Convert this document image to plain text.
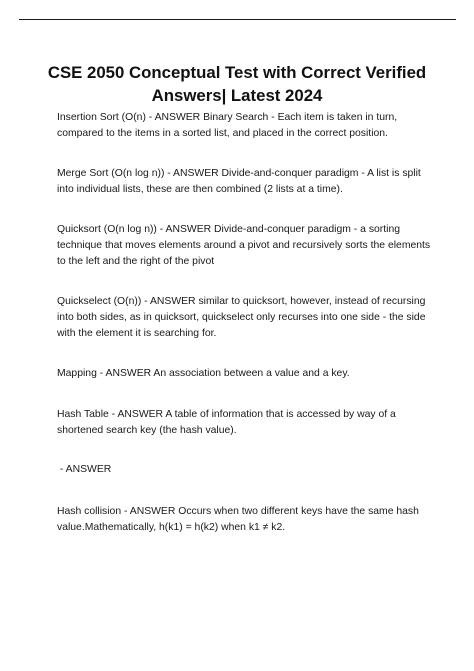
CSE 2050 Conceptual Test with Correct Verified
Answers| Latest 2024

Insertion Sort (O(n) - ANSWER Binary Search - Each item is taken in turn,
compared to the items in a sorted list, and placed in the correct position.

Merge Sort (O(n log n)) - ANSWER Divide-and-conquer paradigm - A list is split
into individual lists, these are then combined (2 lists at a time).

Quicksort (O(n log n)) - ANSWER Divide-and-conquer paradigm - a sorting
technique that moves elements around a pivot and recursively sorts the elements
to the left and the right of the pivot

Quickselect (O(n)) - ANSWER similar to quicksort, however, instead of recursing
into both sides, as in quicksort, quickselect only recurses into one side - the side
with the element it is searching for.

Mapping - ANSWER An association between a value and a key.

Hash Table - ANSWER A table of information that is accessed by way of a
shortened search key (the hash value).

- ANSWER

Hash collision - ANSWER Occurs when two different keys have the same hash
value.Mathematically, h(k1) = h(k2) when k1 ≠ k2.
